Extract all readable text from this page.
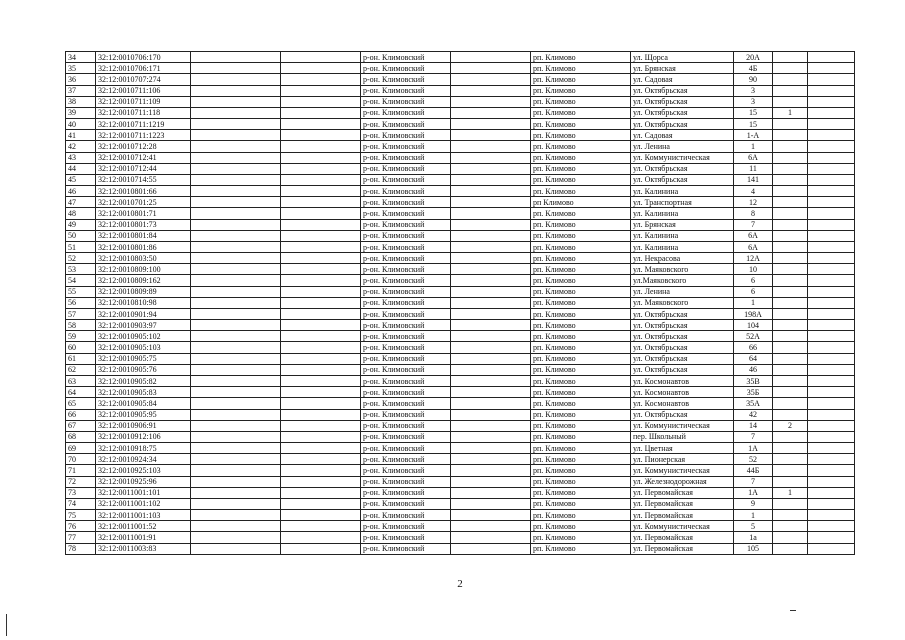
34	32:12:0010706:170			р-он. Климовский		рп. Климово	ул. Щорса	20А		
35	32:12:0010706:171			р-он. Климовский		рп. Климово	ул. Брянская	4Б		
36	32:12:0010707:274			р-он. Климовский		рп. Климово	ул. Садовая	90		
37	32:12:0010711:106			р-он. Климовский		рп. Климово	ул. Октябрьская	3		
38	32:12:0010711:109			р-он. Климовский		рп. Климово	ул. Октябрьская	3		
39	32:12:0010711:118			р-он. Климовский		рп. Климово	ул. Октябрьская	15	1	
40	32:12:0010711:1219			р-он. Климовский		рп. Климово	ул. Октябрьская	15		
41	32:12:0010711:1223			р-он. Климовский		рп. Климово	ул. Садовая	1-А		
42	32:12:0010712:28			р-он. Климовский		рп. Климово	ул. Ленина	1		
43	32:12:0010712:41			р-он. Климовский		рп. Климово	ул. Коммунистическая	6А		
44	32:12:0010712:44			р-он. Климовский		рп. Климово	ул. Октябрьская	11		
45	32:12:0010714:55			р-он. Климовский		рп. Климово	ул. Октябрьская	141		
46	32:12:0010801:66			р-он. Климовский		рп. Климово	ул. Калинина	4		
47	32:12:0010701:25			р-он. Климовский		рп Климово	ул. Транспортная	12		
48	32:12:0010801:71			р-он. Климовский		рп. Климово	ул. Калинина	8		
49	32:12:0010801:73			р-он. Климовский		рп. Климово	ул. Брянская	7		
50	32:12:0010801:84			р-он. Климовский		рп. Климово	ул. Калинина	6А		
51	32:12:0010801:86			р-он. Климовский		рп. Климово	ул. Калинина	6А		
52	32:12:0010803:50			р-он. Климовский		рп. Климово	ул. Некрасова	12А		
53	32:12:0010809:100			р-он. Климовский		рп. Климово	ул. Маяковского	10		
54	32:12:0010809:162			р-он. Климовский		рп. Климово	ул.Маяковского	6		
55	32:12:0010809:89			р-он. Климовский		рп. Климово	ул. Ленина	6		
56	32:12:0010810:98			р-он. Климовский		рп. Климово	ул. Маяковского	1		
57	32:12:0010901:94			р-он. Климовский		рп. Климово	ул. Октябрьская	198А		
58	32:12:0010903:97			р-он. Климовский		рп. Климово	ул. Октябрьская	104		
59	32:12:0010905:102			р-он. Климовский		рп. Климово	ул. Октябрьская	52А		
60	32:12:0010905:103			р-он. Климовский		рп. Климово	ул. Октябрьская	66		
61	32:12:0010905:75			р-он. Климовский		рп. Климово	ул. Октябрьская	64		
62	32:12:0010905:76			р-он. Климовский		рп. Климово	ул. Октябрьская	46		
63	32:12:0010905:82			р-он. Климовский		рп. Климово	ул. Космонавтов	35В		
64	32:12:0010905:83			р-он. Климовский		рп. Климово	ул. Космонавтов	35Б		
65	32:12:0010905:84			р-он. Климовский		рп. Климово	ул. Космонавтов	35А		
66	32:12:0010905:95			р-он. Климовский		рп. Климово	ул. Октябрьская	42		
67	32:12:0010906:91			р-он. Климовский		рп. Климово	ул. Коммунистическая	14	2	
68	32:12:0010912:106			р-он. Климовский		рп. Климово	пер. Школьный	7		
69	32:12:0010918:75			р-он. Климовский		рп. Климово	ул. Цветная	1А		
70	32:12:0010924:34			р-он. Климовский		рп. Климово	ул. Пионерская	52		
71	32:12:0010925:103			р-он. Климовский		рп. Климово	ул. Коммунистическая	44Б		
72	32:12:0010925:96			р-он. Климовский		рп. Климово	ул. Железнодорожная	7		
73	32:12:0011001:101			р-он. Климовский		рп. Климово	ул. Первомайская	1А	1	
74	32:12:0011001:102			р-он. Климовский		рп. Климово	ул. Первомайская	9		
75	32:12:0011001:103			р-он. Климовский		рп. Климово	ул. Первомайская	1		
76	32:12:0011001:52			р-он. Климовский		рп. Климово	ул. Коммунистическая	5		
77	32:12:0011001:91			р-он. Климовский		рп. Климово	ул. Первомайская	1а		
78	32:12:0011003:83			р-он. Климовский		рп. Климово	ул. Первомайская	105		
2
